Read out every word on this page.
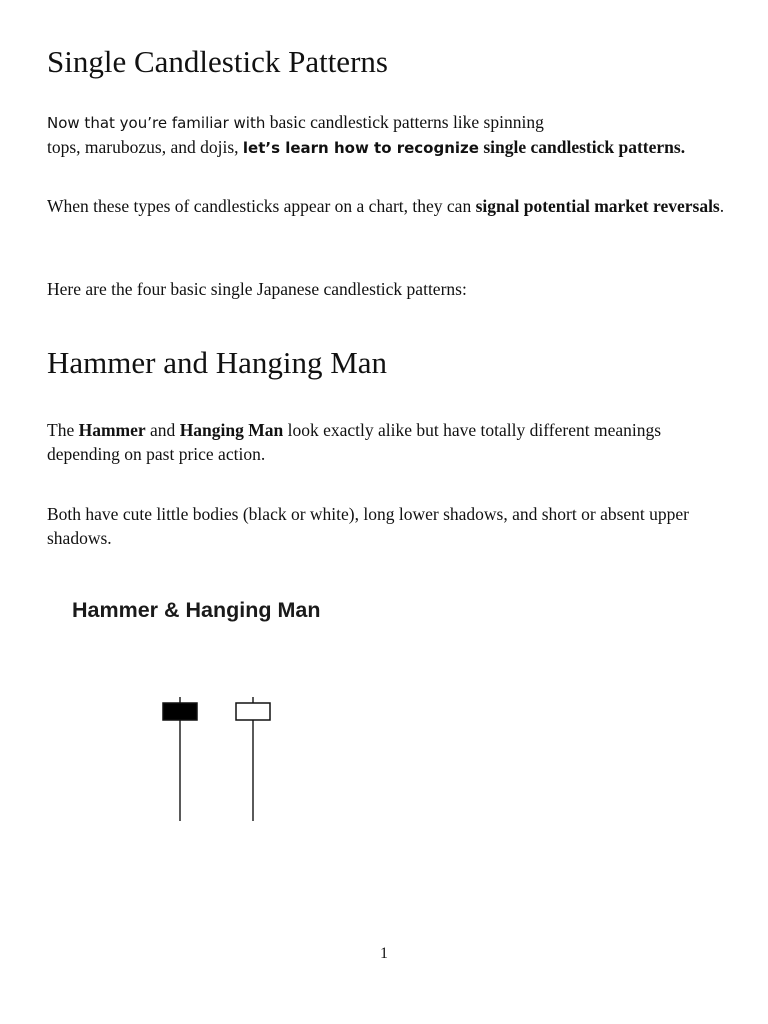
Single Candlestick Patterns

Now that you’re familiar with basic candlestick patterns like spinning
tops, marubozus, and dojis, let’s learn how to recognize single candlestick patterns.

When these types of candlesticks appear on a chart, they can signal potential market reversals.

Here are the four basic single Japanese candlestick patterns:

Hammer and Hanging Man

The Hammer and Hanging Man look exactly alike but have totally different meanings depending on past price action.

Both have cute little bodies (black or white), long lower shadows, and short or absent upper shadows.

Hammer & Hanging Man
1
